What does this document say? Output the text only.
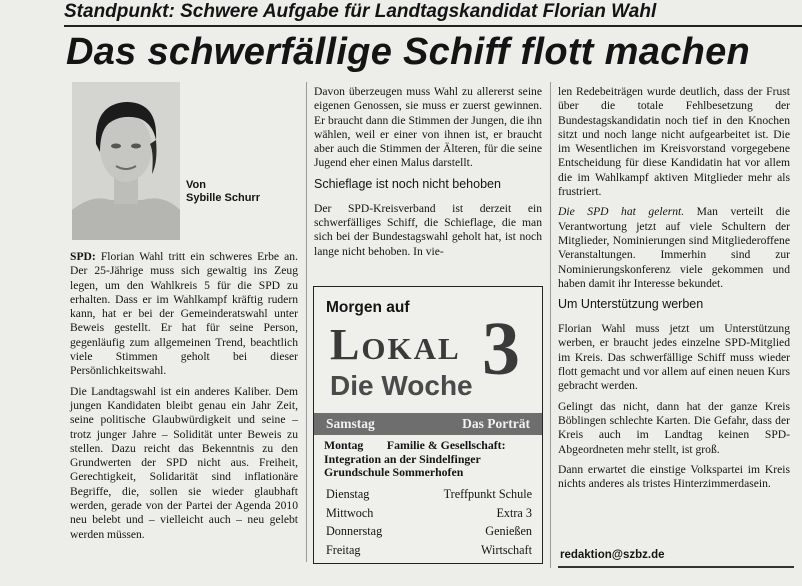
Standpunkt: Schwere Aufgabe für Landtagskandidat Florian Wahl
Das schwerfällige Schiff flott machen
Von
Sybille Schurr

SPD: Florian Wahl tritt ein schweres Erbe an. Der 25-Jährige muss sich gewaltig ins Zeug legen, um den Wahlkreis 5 für die SPD zu erhalten. Dass er im Wahlkampf kräftig rudern kann, hat er bei der Gemeinderatswahl unter Beweis gestellt. Er hat für seine Person, gegenläufig zum allgemeinen Trend, beachtlich viele Stimmen geholt bei dieser Persönlichkeitswahl.

Die Landtagswahl ist ein anderes Kaliber. Dem jungen Kandidaten bleibt genau ein Jahr Zeit, seine politische Glaubwürdigkeit und seine – trotz junger Jahre – Solidität unter Beweis zu stellen. Dazu reicht das Bekenntnis zu den Grundwerten der SPD nicht aus. Freiheit, Gerechtigkeit, Solidarität sind inflationäre Begriffe, die, sollen sie wieder glaubhaft werden, gerade von der Partei der Agenda 2010 neu belebt und – vielleicht auch – neu gelebt werden müssen.

Davon überzeugen muss Wahl zu allererst seine eigenen Genossen, sie muss er zuerst gewinnen. Er braucht dann die Stimmen der Jungen, die ihn wählen, weil er einer von ihnen ist, er braucht aber auch die Stimmen der Älteren, für die seine Jugend eher einen Malus darstellt.

Schieflage ist noch nicht behoben

Der SPD-Kreisverband ist derzeit ein schwerfälliges Schiff, die Schieflage, die man sich bei der Bundestagswahl geholt hat, ist noch lange nicht behoben. In vie-

Morgen auf
Lokal 3
Die Woche
Samstag	Das Porträt
Montag        Familie & Gesellschaft: Integration an der Sindelfinger Grundschule Sommerhofen
Dienstag	Treffpunkt Schule
Mittwoch	Extra 3
Donnerstag	Genießen
Freitag	Wirtschaft

len Redebeiträgen wurde deutlich, dass der Frust über die totale Fehlbesetzung der Bundestagskandidatin noch tief in den Knochen sitzt und noch lange nicht aufgearbeitet ist. Die im Wesentlichen im Kreisvorstand vorgegebene Entscheidung für diese Kandidatin hat vor allem die im Wahlkampf aktiven Mitglieder mehr als frustriert.

Die SPD hat gelernt. Man verteilt die Verantwortung jetzt auf viele Schultern der Mitglieder, Nominierungen sind Mitgliederoffene Veranstaltungen. Immerhin sind zur Nominierungskonferenz viele gekommen und haben damit ihr Interesse bekundet.

Um Unterstützung werben

Florian Wahl muss jetzt um Unterstützung werben, er braucht jedes einzelne SPD-Mitglied im Kreis. Das schwerfällige Schiff muss wieder flott gemacht und vor allem auf einen neuen Kurs gebracht werden.

Gelingt das nicht, dann hat der ganze Kreis Böblingen schlechte Karten. Die Gefahr, dass der Kreis auch im Landtag keinen SPD-Abgeordneten mehr stellt, ist groß.

Dann erwartet die einstige Volkspartei im Kreis nichts anderes als tristes Hinterzimmerdasein.

redaktion@szbz.de
